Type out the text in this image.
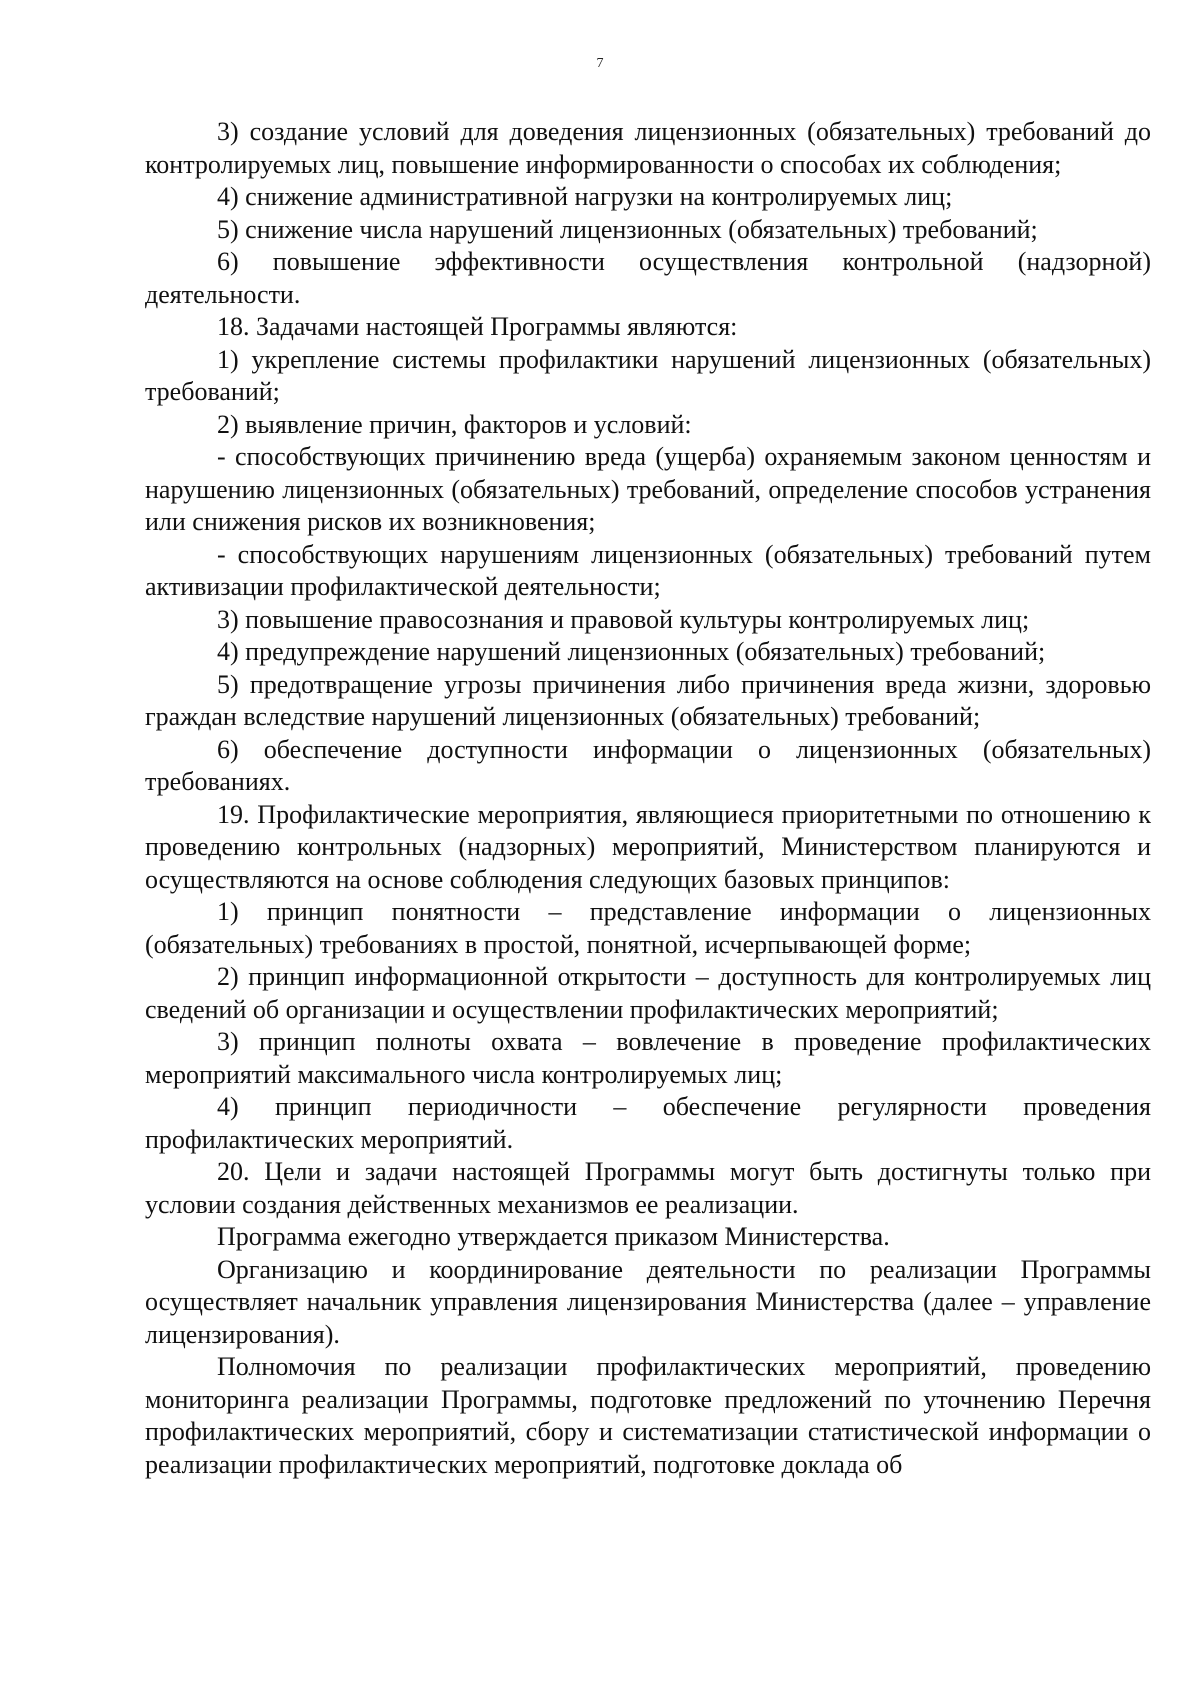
7

3) создание условий для доведения лицензионных (обязательных) требований до контролируемых лиц, повышение информированности о способах их соблюдения;

4) снижение административной нагрузки на контролируемых лиц;

5) снижение числа нарушений лицензионных (обязательных) требований;

6) повышение эффективности осуществления контрольной (надзорной) деятельности.

18. Задачами настоящей Программы являются:

1) укрепление системы профилактики нарушений лицензионных (обязательных) требований;

2) выявление причин, факторов и условий:

- способствующих причинению вреда (ущерба) охраняемым законом ценностям и нарушению лицензионных (обязательных) требований, определение способов устранения или снижения рисков их возникновения;

- способствующих нарушениям лицензионных (обязательных) требований путем активизации профилактической деятельности;

3) повышение правосознания и правовой культуры контролируемых лиц;

4) предупреждение нарушений лицензионных (обязательных) требований;

5) предотвращение угрозы причинения либо причинения вреда жизни, здоровью граждан вследствие нарушений лицензионных (обязательных) требований;

6) обеспечение доступности информации о лицензионных (обязательных) требованиях.

19. Профилактические мероприятия, являющиеся приоритетными по отношению к проведению контрольных (надзорных) мероприятий, Министерством планируются и осуществляются на основе соблюдения следующих базовых принципов:

1) принцип понятности – представление информации о лицензионных (обязательных) требованиях в простой, понятной, исчерпывающей форме;

2) принцип информационной открытости – доступность для контролируемых лиц сведений об организации и осуществлении профилактических мероприятий;

3) принцип полноты охвата – вовлечение в проведение профилактических мероприятий максимального числа контролируемых лиц;

4) принцип периодичности – обеспечение регулярности проведения профилактических мероприятий.

20. Цели и задачи настоящей Программы могут быть достигнуты только при условии создания действенных механизмов ее реализации.

Программа ежегодно утверждается приказом Министерства.

Организацию и координирование деятельности по реализации Программы осуществляет начальник управления лицензирования Министерства (далее – управление лицензирования).

Полномочия по реализации профилактических мероприятий, проведению мониторинга реализации Программы, подготовке предложений по уточнению Перечня профилактических мероприятий, сбору и систематизации статистической информации о реализации профилактических мероприятий, подготовке доклада об
